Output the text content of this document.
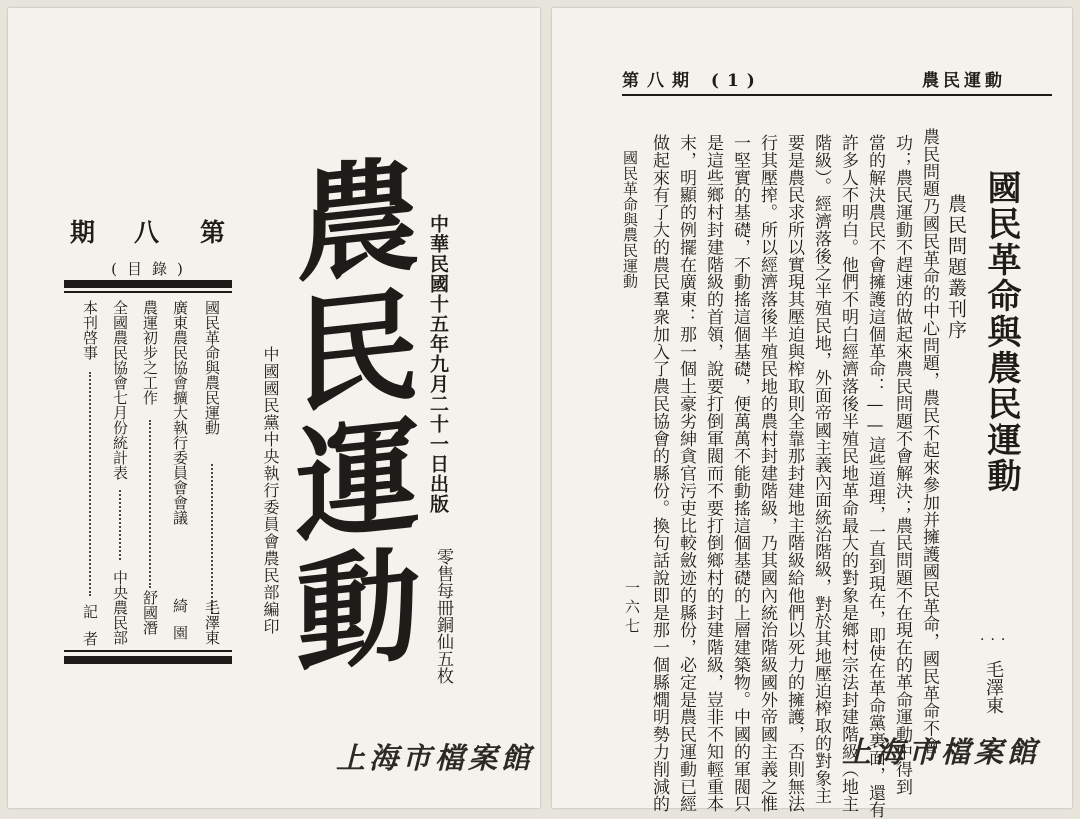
第
八
期
(目錄)
國民革命與農民運動
毛澤東
廣東農民協會擴大執行委員會會議
綺園
農運初步之工作
舒國潛
全國農民協會七月份統計表
中央農民部
本刊啓事
記者
中華民國十五年九月二十一日出版
中國國民黨中央執行委員會農民部編印	零售每冊銅仙五枚
農
民
運
動
上海市檔案館
第八期 (1)	農民運動
國民革命與農民運動
農民問題叢刊序
···
毛澤東
農民問題乃國民革命的中心問題，農民不起來參加并擁護國民革命，國民革命不會
功；農民運動不趕速的做起來農民問題不會解決；農民問題不在現在的革命運動中得到
當的解決農民不會擁護這個革命：——這些道理，一直到現在，即使在革命黨裏面，還有
許多人不明白。他們不明白經濟落後半殖民地革命最大的對象是鄉村宗法封建階級（地主
階級）。經濟落後之半殖民地，外面帝國主義內面統治階級，對於其地壓迫榨取的對象主
要是農民求所以實現其壓迫與榨取則全靠那封建地主階級給他們以死力的擁護，否則無法
行其壓搾。所以經濟落後半殖民地的農村封建階級，乃其國內統治階級國外帝國主義之惟
一堅實的基礎，不動搖這個基礎，便萬萬不能動搖這個基礎的上層建築物。中國的軍閥只
是這些鄉村封建階級的首領，說要打倒軍閥而不要打倒鄉村的封建階級，豈非不知輕重本
末，明顯的例擺在廣東：那一個土豪劣紳貪官污吏比較斂迹的縣份，必定是農民運動已經
做起來有了大的農民羣衆加入了農民協會的縣份。換句話說即是那一個縣燗明勢力削減的
國民革命與農民運動
一六七
上海市檔案館
